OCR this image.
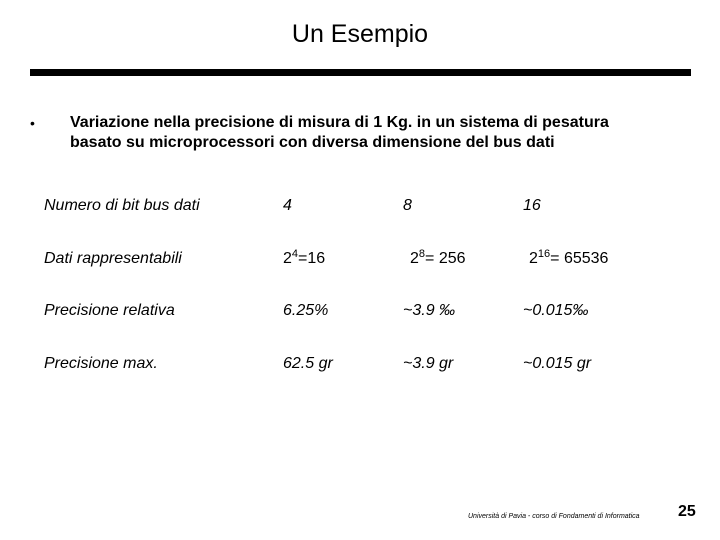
Un Esempio
•	Variazione nella precisione di misura di 1 Kg. in un sistema di pesatura basato su microprocessori con diversa dimensione del bus dati
Numero di bit bus dati	4	8	16
Dati rappresentabili	$2^4=16$	$2^8= 256$	$2^{16}= 65536$
Precisione relativa	6.25%	~3.9 ‰	~0.015‰
Precisione max.	62.5 gr	~3.9 gr	~0.015 gr
Università di Pavia - corso di Fondamenti di Informatica 25
